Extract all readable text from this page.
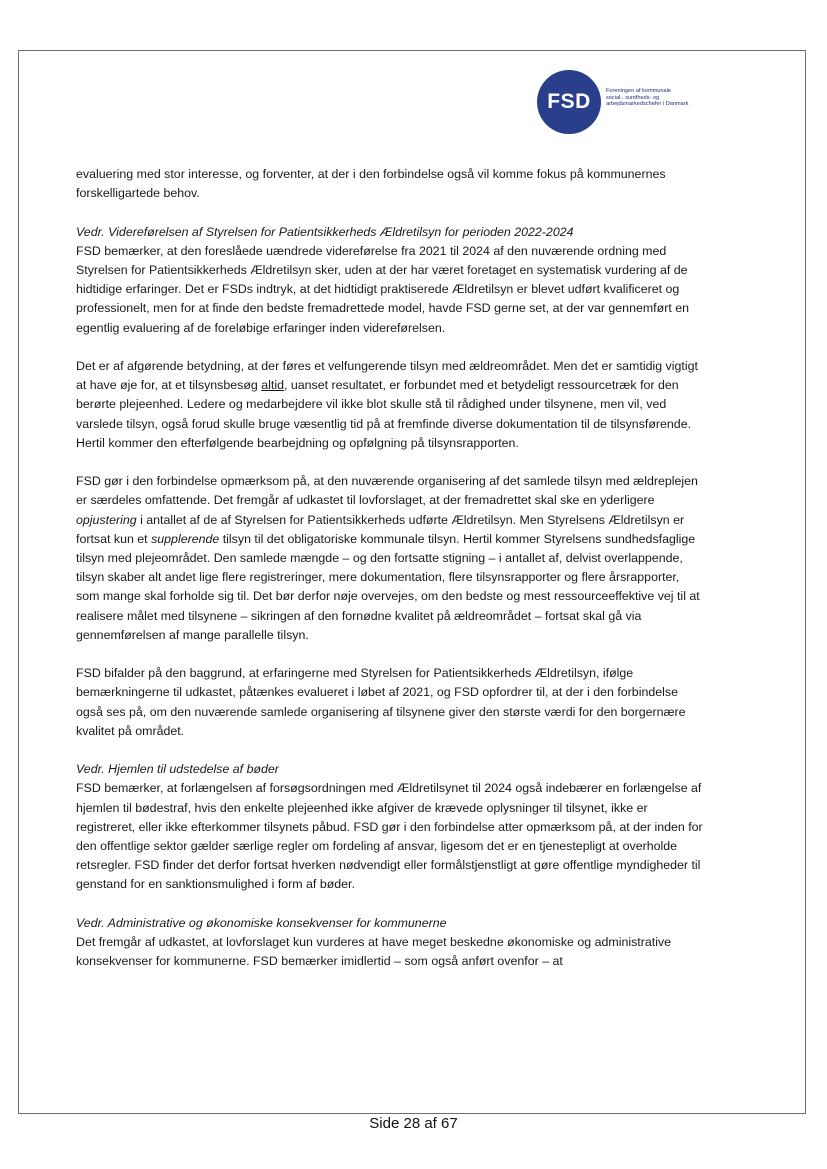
FSD	Foreningen af kommunale
social-, sundheds- og
arbejdsmarkedschefer i Danmark

evaluering med stor interesse, og forventer, at der i den forbindelse også vil komme fokus på kommunernes forskelligartede behov.

Vedr. Videreførelsen af Styrelsen for Patientsikkerheds Ældretilsyn for perioden 2022-2024

FSD bemærker, at den foreslåede uændrede videreførelse fra 2021 til 2024 af den nuværende ordning med Styrelsen for Patientsikkerheds Ældretilsyn sker, uden at der har været foretaget en systematisk vurdering af de hidtidige erfaringer. Det er FSDs indtryk, at det hidtidigt praktiserede Ældretilsyn er blevet udført kvalificeret og professionelt, men for at finde den bedste fremadrettede model, havde FSD gerne set, at der var gennemført en egentlig evaluering af de foreløbige erfaringer inden videreførelsen.

Det er af afgørende betydning, at der føres et velfungerende tilsyn med ældreområdet. Men det er samtidig vigtigt at have øje for, at et tilsynsbesøg altid, uanset resultatet, er forbundet med et betydeligt ressourcetræk for den berørte plejeenhed. Ledere og medarbejdere vil ikke blot skulle stå til rådighed under tilsynene, men vil, ved varslede tilsyn, også forud skulle bruge væsentlig tid på at fremfinde diverse dokumentation til de tilsynsførende. Hertil kommer den efterfølgende bearbejdning og opfølgning på tilsynsrapporten.

FSD gør i den forbindelse opmærksom på, at den nuværende organisering af det samlede tilsyn med ældreplejen er særdeles omfattende. Det fremgår af udkastet til lovforslaget, at der fremadrettet skal ske en yderligere opjustering i antallet af de af Styrelsen for Patientsikkerheds udførte Ældretilsyn. Men Styrelsens Ældretilsyn er fortsat kun et supplerende tilsyn til det obligatoriske kommunale tilsyn. Hertil kommer Styrelsens sundhedsfaglige tilsyn med plejeområdet. Den samlede mængde – og den fortsatte stigning – i antallet af, delvist overlappende, tilsyn skaber alt andet lige flere registreringer, mere dokumentation, flere tilsynsrapporter og flere årsrapporter, som mange skal forholde sig til. Det bør derfor nøje overvejes, om den bedste og mest ressourceeffektive vej til at realisere målet med tilsynene – sikringen af den fornødne kvalitet på ældreområdet – fortsat skal gå via gennemførelsen af mange parallelle tilsyn.

FSD bifalder på den baggrund, at erfaringerne med Styrelsen for Patientsikkerheds Ældretilsyn, ifølge bemærkningerne til udkastet, påtænkes evalueret i løbet af 2021, og FSD opfordrer til, at der i den forbindelse også ses på, om den nuværende samlede organisering af tilsynene giver den største værdi for den borgernære kvalitet på området.

Vedr. Hjemlen til udstedelse af bøder

FSD bemærker, at forlængelsen af forsøgsordningen med Ældretilsynet til 2024 også indebærer en forlængelse af hjemlen til bødestraf, hvis den enkelte plejeenhed ikke afgiver de krævede oplysninger til tilsynet, ikke er registreret, eller ikke efterkommer tilsynets påbud. FSD gør i den forbindelse atter opmærksom på, at der inden for den offentlige sektor gælder særlige regler om fordeling af ansvar, ligesom det er en tjenestepligt at overholde retsregler. FSD finder det derfor fortsat hverken nødvendigt eller formålstjenstligt at gøre offentlige myndigheder til genstand for en sanktionsmulighed i form af bøder.

Vedr. Administrative og økonomiske konsekvenser for kommunerne

Det fremgår af udkastet, at lovforslaget kun vurderes at have meget beskedne økonomiske og administrative konsekvenser for kommunerne. FSD bemærker imidlertid – som også anført ovenfor – at

Side 28 af 67
